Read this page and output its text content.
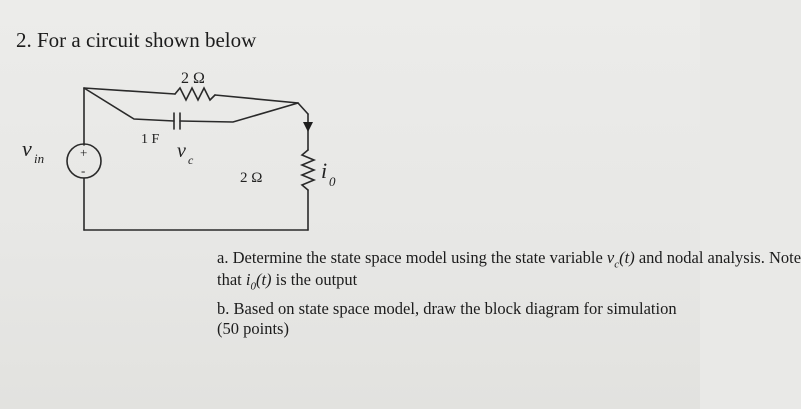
2. For a circuit shown below
2 Ω
1 F
v c
2 Ω
v in	+
-	i 0
a. Determine the state space model using the state variable $v_c(t)$ and nodal analysis. Note
that $i_0(t)$ is the output
b. Based on state space model, draw the block diagram for simulation
(50 points)
